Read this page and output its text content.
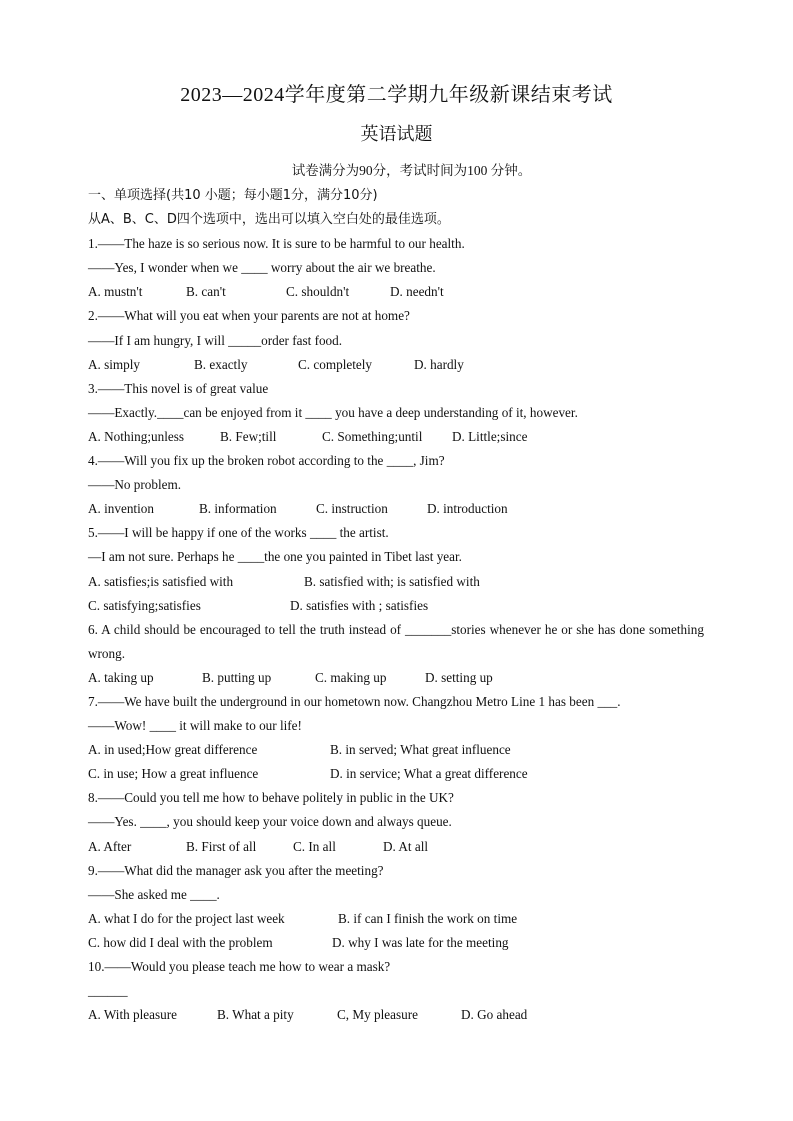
2023—2024学年度第二学期九年级新课结束考试
英语试题
试卷满分为90分，考试时间为100 分钟。
一、单项选择(共10 小题；每小题1分，满分10分)
从A、B、C、D四个选项中，选出可以填入空白处的最佳选项。
1.——The haze is so serious now. It is sure to be harmful to our health.
——Yes, I wonder when we ____ worry about the air we breathe.
A. mustn't	B. can't	C. shouldn't	D. needn't
2.——What will you eat when your parents are not at home?
——If I am hungry, I will _____order fast food.
A. simply	B. exactly	C. completely	D. hardly
3.——This novel is of great value
——Exactly.____can be enjoyed from it ____ you have a deep understanding of it, however.
A. Nothing;unless	B. Few;till	C. Something;until	D. Little;since
4.——Will you fix up the broken robot according to the ____, Jim?
——No problem.
A. invention	B. information	C. instruction	D. introduction
5.——I will be happy if one of the works ____ the artist.
—I am not sure. Perhaps he ____the one you painted in Tibet last year.
A. satisfies;is satisfied with	B. satisfied with; is satisfied with
C. satisfying;satisfies	D. satisfies with ; satisfies
6. A child should be encouraged to tell the truth instead of _______stories whenever he or she has done something wrong.
A. taking up	B. putting up	C. making up	D. setting up
7.——We have built the underground in our hometown now. Changzhou Metro Line 1 has been ___.
——Wow! ____ it will make to our life!
A. in used;How great difference	B. in served; What great influence
C. in use; How a great influence	D. in service; What a great difference
8.——Could you tell me how to behave politely in public in the UK?
——Yes. ____, you should keep your voice down and always queue.
A. After	B. First of all	C. In all	D. At all
9.——What did the manager ask you after the meeting?
——She asked me ____.
A. what I do for the project last week	B. if can I finish the work on time
C. how did I deal with the problem	D. why I was late for the meeting
10.——Would you please teach me how to wear a mask?
______
A. With pleasure	B. What a pity	C, My pleasure	D. Go ahead
